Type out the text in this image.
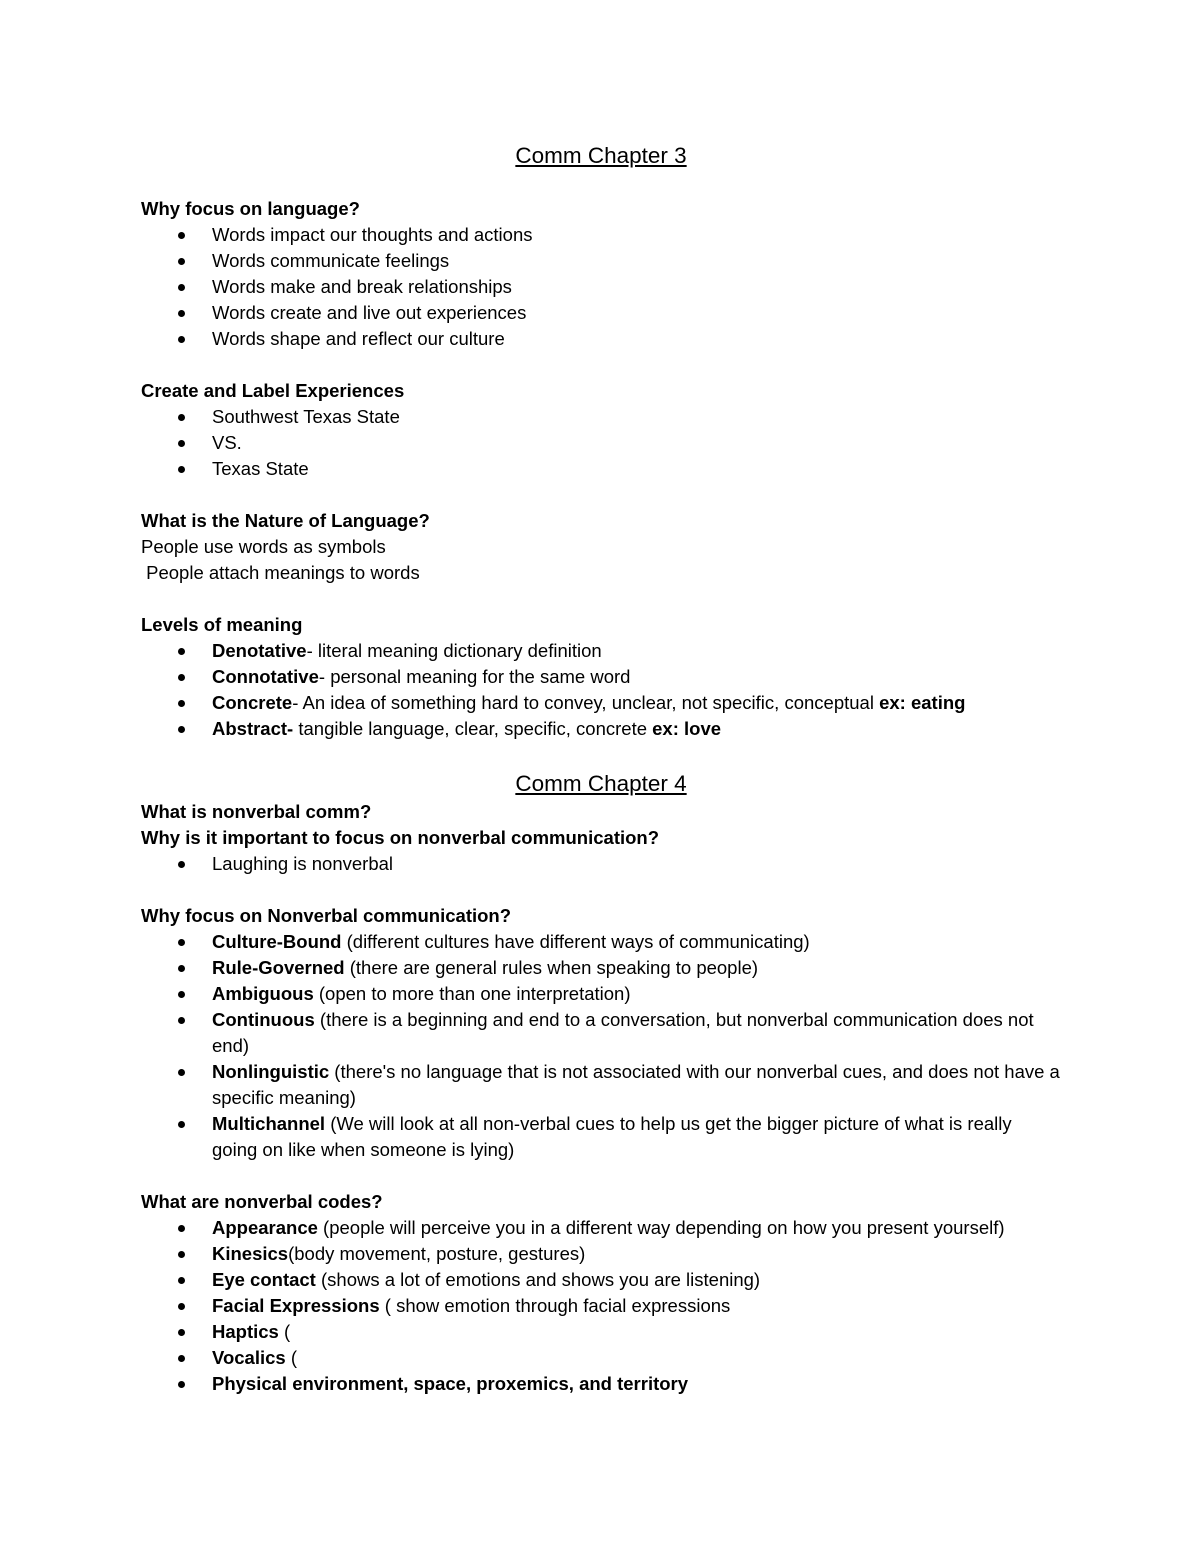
Comm Chapter 3
Why focus on language?
Words impact our thoughts and actions
Words communicate feelings
Words make and break relationships
Words create and live out experiences
Words shape and reflect our culture
Create and Label Experiences
Southwest Texas State
VS.
Texas State
What is the Nature of Language?
People use words as symbols
People attach meanings to words
Levels of meaning
Denotative- literal meaning dictionary definition
Connotative- personal meaning for the same word
Concrete- An idea of something hard to convey, unclear, not specific, conceptual ex: eating
Abstract- tangible language, clear, specific, concrete ex: love
Comm Chapter 4
What is nonverbal comm?
Why is it important to focus on nonverbal communication?
Laughing is nonverbal
Why focus on Nonverbal communication?
Culture-Bound (different cultures have different ways of communicating)
Rule-Governed (there are general rules when speaking to people)
Ambiguous (open to more than one interpretation)
Continuous (there is a beginning and end to a conversation, but nonverbal communication does not end)
Nonlinguistic (there's no language that is not associated with our nonverbal cues, and does not have a specific meaning)
Multichannel (We will look at all non-verbal cues to help us get the bigger picture of what is really going on like when someone is lying)
What are nonverbal codes?
Appearance (people will perceive you in a different way depending on how you present yourself)
Kinesics(body movement, posture, gestures)
Eye contact (shows a lot of emotions and shows you are listening)
Facial Expressions ( show emotion through facial expressions
Haptics (
Vocalics (
Physical environment, space, proxemics, and territory
